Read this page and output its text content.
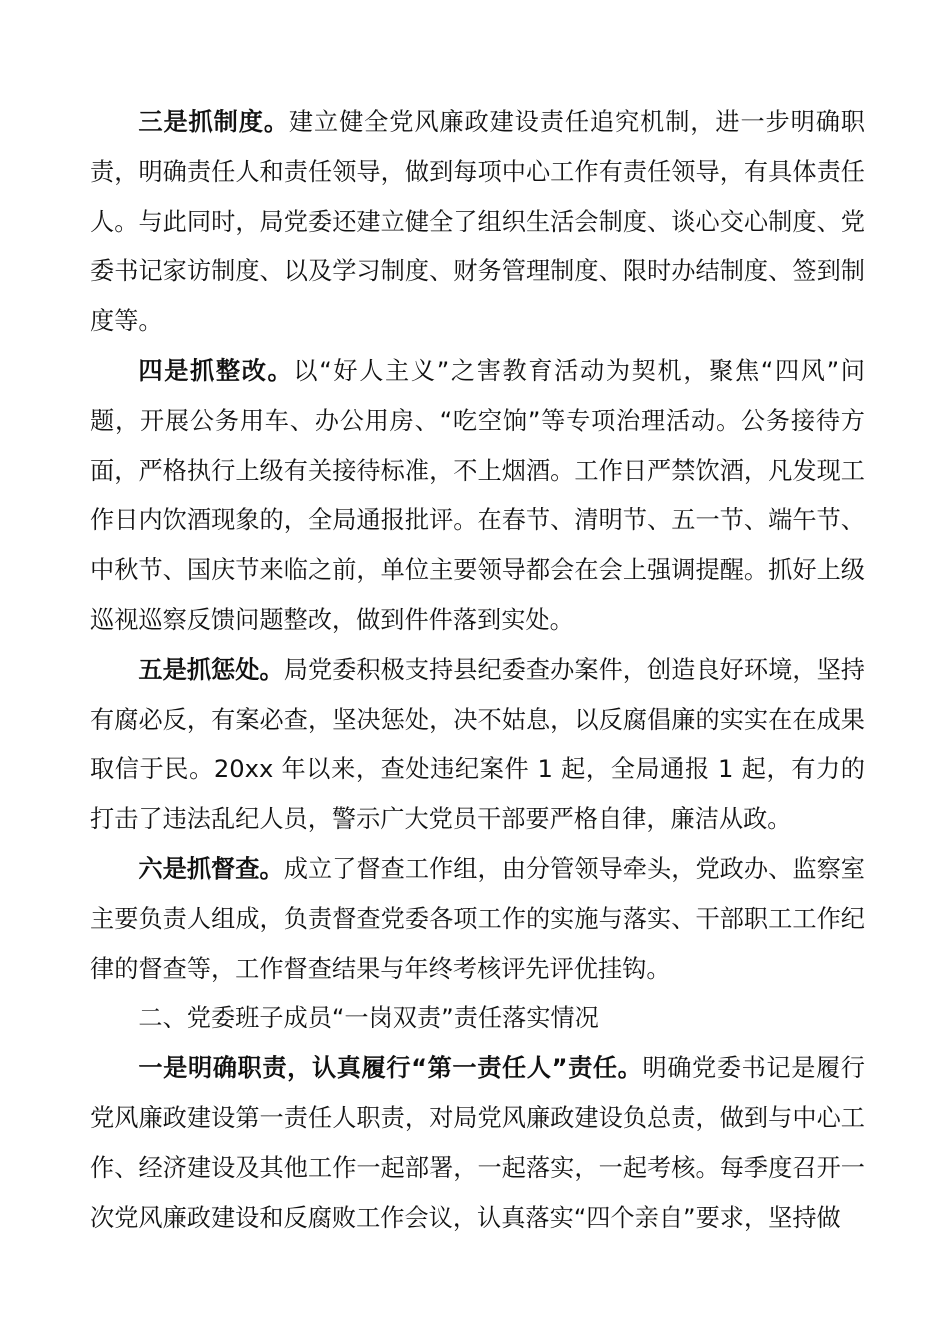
三是抓制度。建立健全党风廉政建设责任追究机制，进一步明确职责，明确责任人和责任领导，做到每项中心工作有责任领导，有具体责任人。与此同时，局党委还建立健全了组织生活会制度、谈心交心制度、党委书记家访制度、以及学习制度、财务管理制度、限时办结制度、签到制度等。

四是抓整改。以“好人主义”之害教育活动为契机，聚焦“四风”问题，开展公务用车、办公用房、“吃空饷”等专项治理活动。公务接待方面，严格执行上级有关接待标准，不上烟酒。工作日严禁饮酒，凡发现工作日内饮酒现象的，全局通报批评。在春节、清明节、五一节、端午节、中秋节、国庆节来临之前，单位主要领导都会在会上强调提醒。抓好上级巡视巡察反馈问题整改，做到件件落到实处。

五是抓惩处。局党委积极支持县纪委查办案件，创造良好环境，坚持有腐必反，有案必查，坚决惩处，决不姑息，以反腐倡廉的实实在在成果取信于民。20xx 年以来，查处违纪案件 1 起，全局通报 1 起，有力的打击了违法乱纪人员，警示广大党员干部要严格自律，廉洁从政。

六是抓督查。成立了督查工作组，由分管领导牵头，党政办、监察室主要负责人组成，负责督查党委各项工作的实施与落实、干部职工工作纪律的督查等，工作督查结果与年终考核评先评优挂钩。

二、党委班子成员“一岗双责”责任落实情况

一是明确职责，认真履行“第一责任人”责任。明确党委书记是履行党风廉政建设第一责任人职责，对局党风廉政建设负总责，做到与中心工作、经济建设及其他工作一起部署，一起落实，一起考核。每季度召开一次党风廉政建设和反腐败工作会议，认真落实“四个亲自”要求，坚持做
